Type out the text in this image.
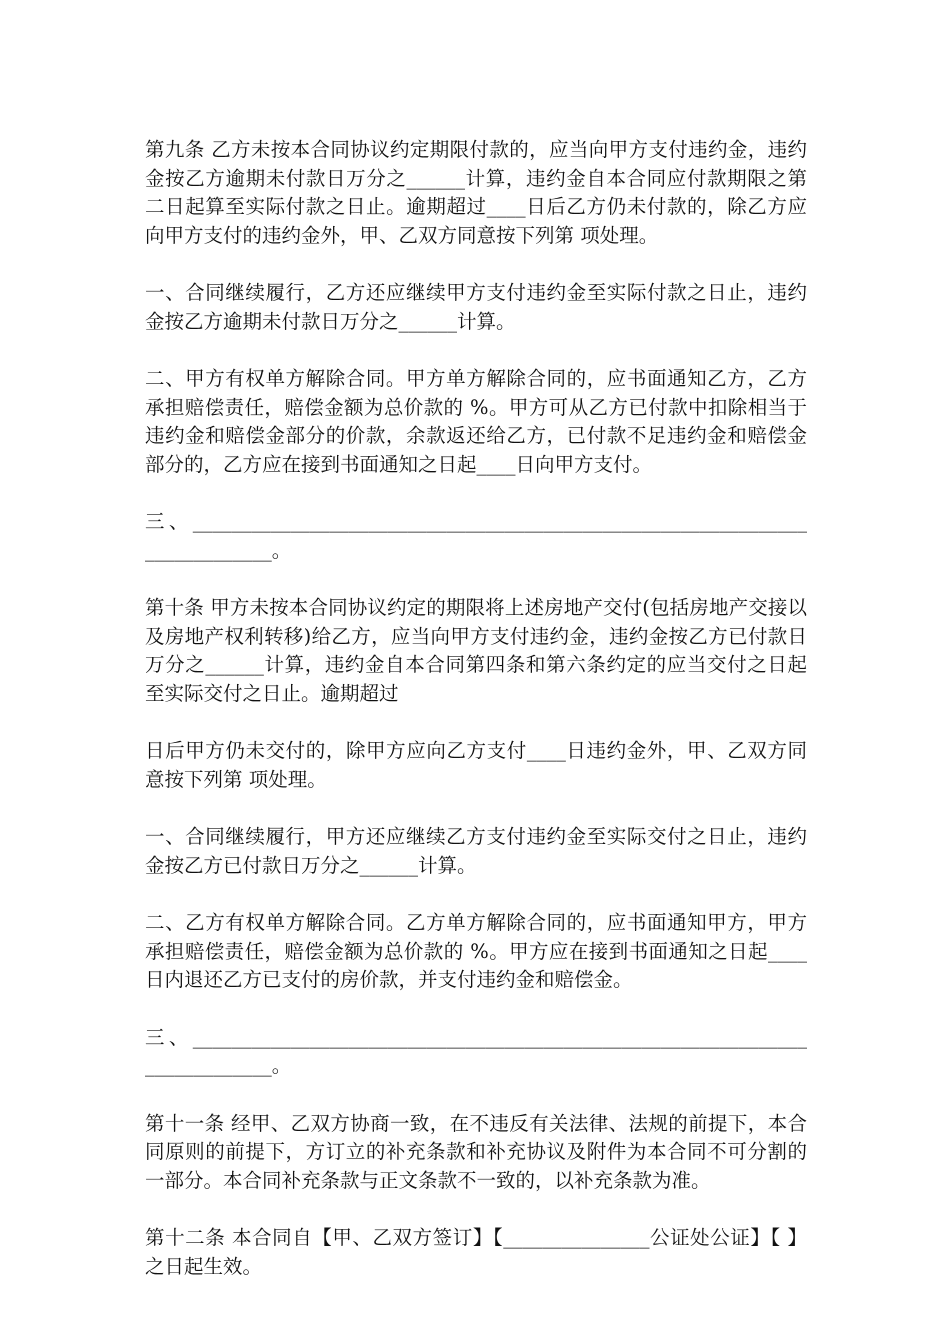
第九条 乙方未按本合同协议约定期限付款的，应当向甲方支付违约金，违约金按乙方逾期未付款日万分之______计算，违约金自本合同应付款期限之第二日起算至实际付款之日止。逾期超过____日后乙方仍未付款的，除乙方应向甲方支付的违约金外，甲、乙双方同意按下列第 项处理。

一、合同继续履行，乙方还应继续甲方支付违约金至实际付款之日止，违约金按乙方逾期未付款日万分之______计算。

二、甲方有权单方解除合同。甲方单方解除合同的，应书面通知乙方，乙方承担赔偿责任，赔偿金额为总价款的 %。甲方可从乙方已付款中扣除相当于违约金和赔偿金部分的价款，余款返还给乙方，已付款不足违约金和赔偿金部分的，乙方应在接到书面通知之日起____日向甲方支付。

三、____________________________________________________________________________。

第十条 甲方未按本合同协议约定的期限将上述房地产交付(包括房地产交接以及房地产权利转移)给乙方，应当向甲方支付违约金，违约金按乙方已付款日万分之______计算，违约金自本合同第四条和第六条约定的应当交付之日起至实际交付之日止。逾期超过

日后甲方仍未交付的，除甲方应向乙方支付____日违约金外，甲、乙双方同意按下列第 项处理。

一、合同继续履行，甲方还应继续乙方支付违约金至实际交付之日止，违约金按乙方已付款日万分之______计算。

二、乙方有权单方解除合同。乙方单方解除合同的，应书面通知甲方，甲方承担赔偿责任，赔偿金额为总价款的 %。甲方应在接到书面通知之日起____日内退还乙方已支付的房价款，并支付违约金和赔偿金。

三、____________________________________________________________________________。

第十一条 经甲、乙双方协商一致，在不违反有关法律、法规的前提下，本合同原则的前提下，方订立的补充条款和补充协议及附件为本合同不可分割的一部分。本合同补充条款与正文条款不一致的，以补充条款为准。

第十二条 本合同自【甲、乙双方签订】【_______________公证处公证】【 】之日起生效。
